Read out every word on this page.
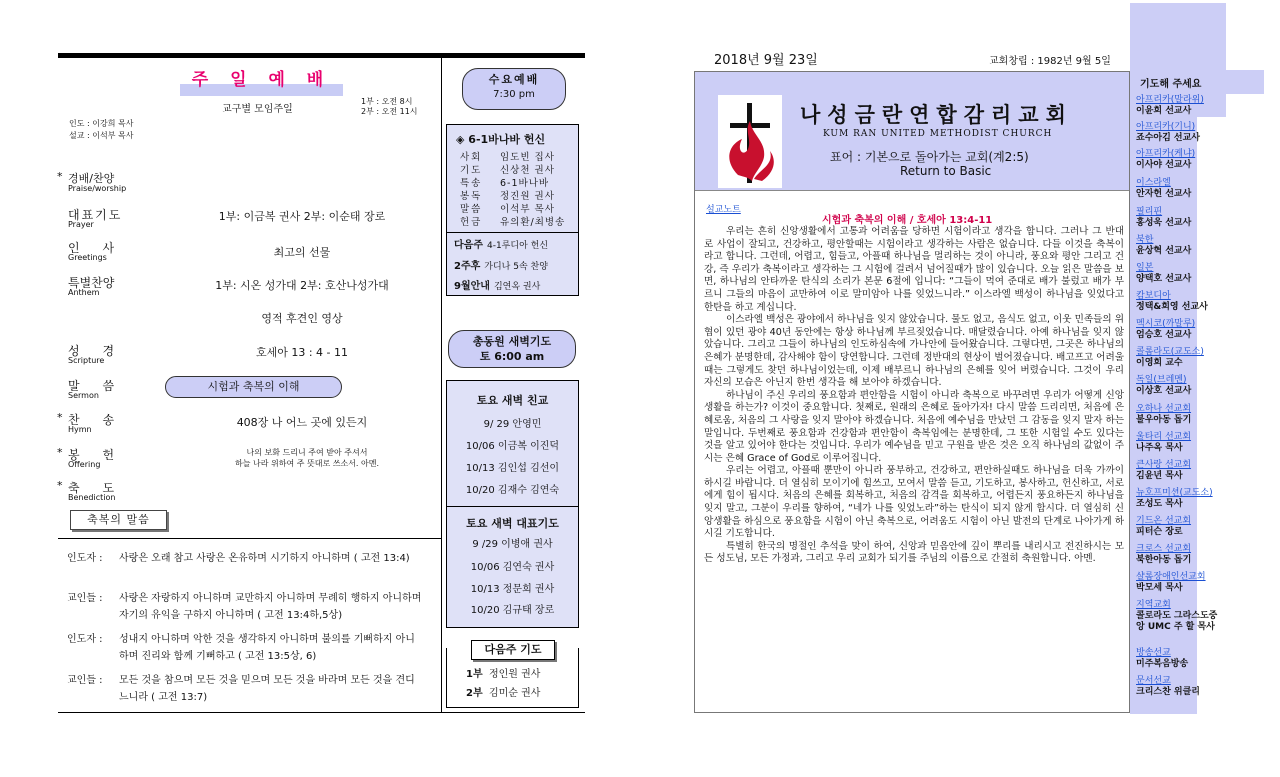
주 일 예 배
교구별 모임주일
1부 : 오전 8시
2부 : 오전 11시
인도 : 이강희 목사
설교 : 이석부 목사
* 경배/찬양
Praise/worship
대표기도
Prayer
1부: 이금복 권사 2부: 이순태 장로
인      사
Greetings	최고의 선물
특별찬양
Anthem
1부: 시온 성가대 2부: 호산나성가대
영적 후견인 영상
성      경
Scripture
호세아 13 : 4 - 11
말      씀
Sermon
시험과 축복의 이해
* 찬      송
Hymn
408장 나 어느 곳에 있든지
* 봉      헌
Offering
나의 보화 드리니 주여 받아 주셔서
하늘 나라 위하여 주 뜻대로 쓰소서. 아멘.
* 축      도
Benediction
축복의 말씀
인도자 : 사랑은 오래 참고 사랑은 온유하며 시기하지 아니하며 ( 고전 13:4)
교인들 : 사랑은 자랑하지 아니하며 교만하지 아니하며 무례히 행하지 아니하며 자기의 유익을 구하지 아니하며 ( 고전 13:4하,5상)
인도자 : 성내지 아니하며 악한 것을 생각하지 아니하며 불의를 기뻐하지 아니하며 진리와 함께 기뻐하고 ( 고전 13:5상, 6)
교인들 : 모든 것을 참으며 모든 것을 믿으며 모든 것을 바라며 모든 것을 견디느니라 ( 고전 13:7)
수요예배
7:30 pm
◈ 6-1바나바 헌신
사회 임도빈 집사
기도 신상천 권사
특송 6-1바나바
봉독 정진원 권사
말씀 이석부 목사
헌금 유의환/최병송
다음주 4-1루디아 헌신
2주후 가디나 5속 찬양
9월안내 김연옥 권사
총동원 새벽기도
토 6:00 am
토요 새벽 친교
9/ 29 안영민
10/06 이금복 이진덕
10/13 김인섭 김선이
10/20 김재수 김연숙
토요 새벽 대표기도
9 /29 이병애 권사
10/06 김연숙 권사
10/13 정문희 권사
10/20 김규태 장로
다음주 기도
1부 정인원 권사
2부 김미순 권사
2018년 9월 23일	교회창립 : 1982년 9월 5일
나성금란연합감리교회
KUM RAN UNITED METHODIST CHURCH
표어 : 기본으로 돌아가는 교회(계2:5)
Return to Basic
설교노트
시험과 축복의 이해 / 호세아 13:4-11

우리는 흔히 신앙생활에서 고통과 어려움을 당하면 시험이라고 생각을 합니다. 그러나 그 반대로 사업이 잘되고, 건강하고, 평안할때는 시험이라고 생각하는 사람은 없습니다. 다들 이것을 축복이라고 합니다. 그런데, 어렵고, 힘들고, 아플때 하나님을 멀리하는 것이 아니라, 풍요와 평안 그리고 건강, 즉 우리가 축복이라고 생각하는 그 시험에 걸려서 넘어질때가 많이 있습니다. 오늘 읽은 말씀을 보면, 하나님의 안타까운 탄식의 소리가 본문 6절에 입니다: “그들이 먹여 준대로 배가 불렀고 배가 부르니 그들의 마음이 교만하여 이로 말미암아 나를 잊었느니라.” 이스라엘 백성이 하나님을 잊었다고 한탄을 하고 계십니다.

이스라엘 백성은 광야에서 하나님을 잊지 않았습니다. 물도 없고, 음식도 없고, 이웃 민족들의 위협이 있던 광야 40년 동안에는 항상 하나님께 부르짖었습니다. 매달렸습니다. 아예 하나님을 잊지 않았습니다. 그리고 그들이 하나님의 인도하심속에 가나안에 들어왔습니다. 그렇다면, 그곳은 하나님의 은혜가 분명한데, 감사해야 함이 당연합니다. 그런데 정반대의 현상이 벌어졌습니다. 배고프고 어려울때는 그렇게도 찾던 하나님이었는데, 이제 배부르니 하나님의 은혜를 잊어 버렸습니다. 그것이 우리 자신의 모습은 아닌지 한번 생각을 해 보아야 하겠습니다.

하나님이 주신 우리의 풍요함과 편안함을 시험이 아니라 축복으로 바꾸려면 우리가 어떻게 신앙 생활을 하는가? 이것이 중요합니다. 첫째로, 원래의 은혜로 돌아가자! 다시 말씀 드리리면, 처음에 은혜로움, 처음의 그 사랑을 잊지 말아야 하겠습니다. 처음에 예수님을 만났던 그 감동을 잊지 말자 하는 말입니다. 두번째로 풍요함과 건강함과 편안함이 축복임에는 분명한데, 그 또한 시험일 수도 있다는 것을 알고 있어야 한다는 것입니다. 우리가 예수님을 믿고 구원을 받은 것은 오직 하나님의 값없이 주시는 은혜 Grace of God로 이루어집니다.

우리는 어렵고, 아플때 뿐만이 아니라 풍부하고, 건강하고, 편안하실때도 하나님을 더욱 가까이 하시길 바랍니다. 더 열심히 모이기에 힘쓰고, 모여서 말씀 듣고, 기도하고, 봉사하고, 헌신하고, 서로에게 힘이 됩시다. 처음의 은혜를 회복하고, 처음의 감격을 회복하고, 어렵든지 풍요하든지 하나님을 잊지 말고, 그분이 우리를 향하여, “네가 나를 잊었노라”하는 탄식이 되지 않게 합시다. 더 열심히 신앙생활을 하심으로 풍요함을 시험이 아닌 축복으로, 어려움도 시험이 아닌 발전의 단계로 나아가게 하시길 기도합니다.

특별히 한국의 명절인 추석을 맞이 하여, 신앙과 믿음안에 깊이 뿌리를 내리시고 전진하시는 모든 성도님, 모든 가정과, 그리고 우리 교회가 되기를 주님의 이름으로 간절히 축원합니다. 아멘.

기도해 주세요
아프리카(말라위)
이윤희 선교사
아프리카(기니)
죠수아김 선교사
아프리카(케냐)
이사야 선교사
이스라엘
안자헌 선교사
필리핀
홍성욱 선교사
북한
윤상혁 선교사
일본
양택호 선교사
캄보디아
정택&희영 선교사
멕시코(까말루)
엄승호 선교사
콜롬라도(교도소)
이영희 교수
독일(브레멘)
이상호 선교사
오하나 선교회
불우아동 돕기
울타리 선교회
나주옥 목사
큰사랑 선교회
김윤년 목사
뉴호프미션(교도소)
조성도 목사
기드온 선교회
피터슨 장로
크로스 선교회
북한아동 돕기
샬롬장애인선교회
박모세 목사
지역교회
콜로라도 그라스도중앙 UMC 주 할 목사
방송선교
미주복음방송
문서선교
크리스찬 위클리
